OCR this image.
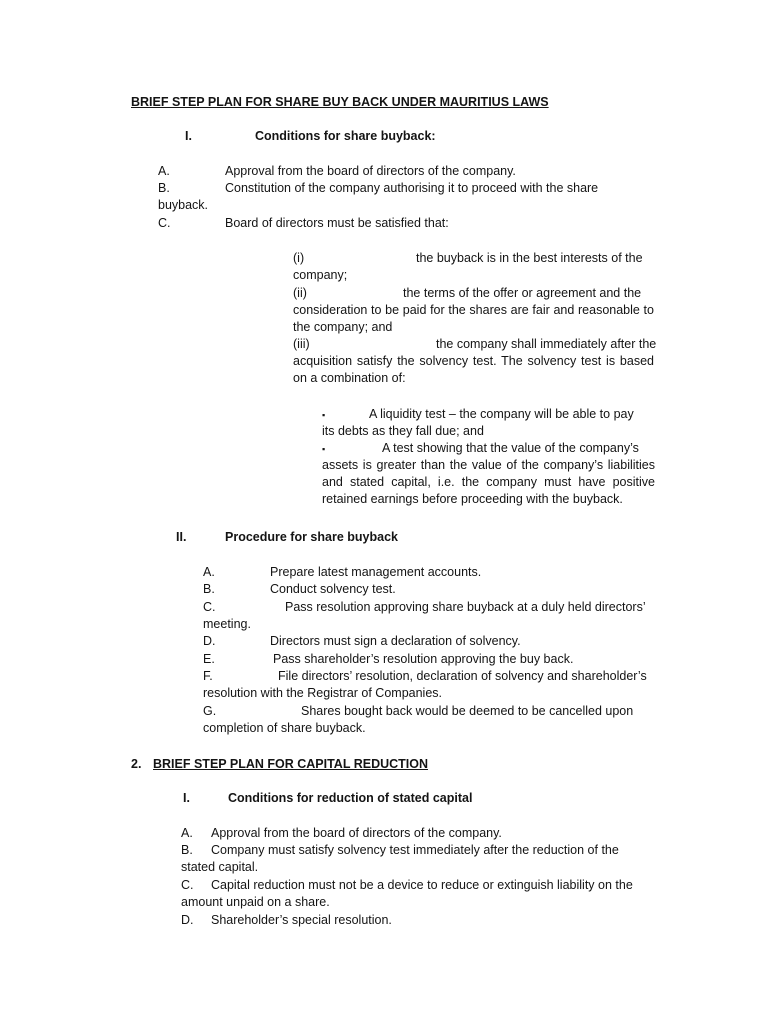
BRIEF STEP PLAN FOR SHARE BUY BACK UNDER MAURITIUS LAWS
I.	Conditions for share buyback:
A.	Approval from the board of directors of the company.
B.	Constitution of the company authorising it to proceed with the share
buyback.
C.	Board of directors must be satisfied that:
(i)	the buyback is in the best interests of the
company;
(ii)	the terms of the offer or agreement and the
consideration to be paid for the shares are fair and reasonable to the company; and
(iii)	the company shall immediately after the
acquisition satisfy the solvency test. The solvency test is based on a combination of:
▪	A liquidity test – the company will be able to pay
its debts as they fall due; and
▪	A test showing that the value of the company’s
assets is greater than the value of the company’s liabilities and stated capital, i.e. the company must have positive retained earnings before proceeding with the buyback.
II.	Procedure for share buyback
A.	Prepare latest management accounts.
B.	Conduct solvency test.
C.	Pass resolution approving share buyback at a duly held directors’
meeting.
D.	Directors must sign a declaration of solvency.
E.	Pass shareholder’s resolution approving the buy back.
F.	File directors’ resolution, declaration of solvency and shareholder’s
resolution with the Registrar of Companies.
G.	Shares bought back would be deemed to be cancelled upon
completion of share buyback.
2. BRIEF STEP PLAN FOR CAPITAL REDUCTION
I.	Conditions for reduction of stated capital
A. Approval from the board of directors of the company.
B. Company must satisfy solvency test immediately after the reduction of the
stated capital.
C. Capital reduction must not be a device to reduce or extinguish liability on the
amount unpaid on a share.
D. Shareholder’s special resolution.
